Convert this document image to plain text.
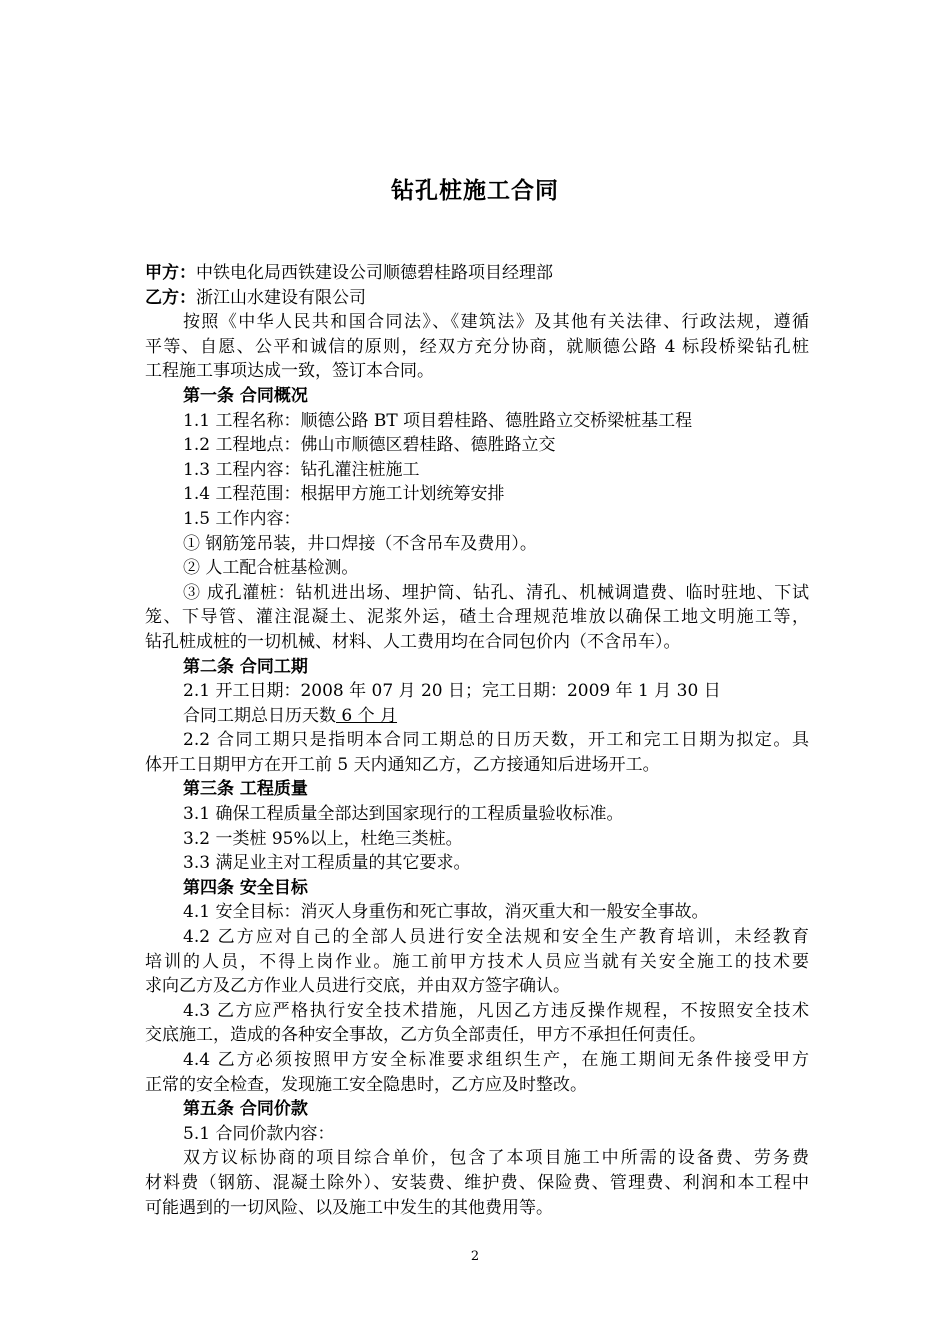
钻孔桩施工合同
甲方：中铁电化局西铁建设公司顺德碧桂路项目经理部
乙方：浙江山水建设有限公司
按照《中华人民共和国合同法》、《建筑法》及其他有关法律、行政法规，遵循
平等、自愿、公平和诚信的原则，经双方充分协商，就顺德公路 4 标段桥梁钻孔桩
工程施工事项达成一致，签订本合同。
第一条 合同概况
1.1 工程名称：顺德公路 BT 项目碧桂路、德胜路立交桥梁桩基工程
1.2 工程地点：佛山市顺德区碧桂路、德胜路立交
1.3 工程内容：钻孔灌注桩施工
1.4 工程范围：根据甲方施工计划统筹安排
1.5 工作内容：
① 钢筋笼吊装，井口焊接（不含吊车及费用）。
② 人工配合桩基检测。
③ 成孔灌桩：钻机进出场、埋护筒、钻孔、清孔、机械调遣费、临时驻地、下试
笼、下导管、灌注混凝土、泥浆外运，碴土合理规范堆放以确保工地文明施工等，
钻孔桩成桩的一切机械、材料、人工费用均在合同包价内（不含吊车）。
第二条 合同工期
2.1 开工日期：2008 年 07 月 20 日；完工日期：2009 年 1 月 30 日
合同工期总日历天数 6 个 月
2.2 合同工期只是指明本合同工期总的日历天数，开工和完工日期为拟定。具
体开工日期甲方在开工前 5 天内通知乙方，乙方接通知后进场开工。
第三条 工程质量
3.1 确保工程质量全部达到国家现行的工程质量验收标准。
3.2 一类桩 95%以上，杜绝三类桩。
3.3 满足业主对工程质量的其它要求。
第四条 安全目标
4.1 安全目标：消灭人身重伤和死亡事故，消灭重大和一般安全事故。
4.2 乙方应对自己的全部人员进行安全法规和安全生产教育培训，未经教育
培训的人员，不得上岗作业。施工前甲方技术人员应当就有关安全施工的技术要
求向乙方及乙方作业人员进行交底，并由双方签字确认。
4.3 乙方应严格执行安全技术措施，凡因乙方违反操作规程，不按照安全技术
交底施工，造成的各种安全事故，乙方负全部责任，甲方不承担任何责任。
4.4 乙方必须按照甲方安全标准要求组织生产，在施工期间无条件接受甲方
正常的安全检查，发现施工安全隐患时，乙方应及时整改。
第五条 合同价款
5.1 合同价款内容：
双方议标协商的项目综合单价，包含了本项目施工中所需的设备费、劳务费
材料费（钢筋、混凝土除外）、安装费、维护费、保险费、管理费、利润和本工程中
可能遇到的一切风险、以及施工中发生的其他费用等。
2
